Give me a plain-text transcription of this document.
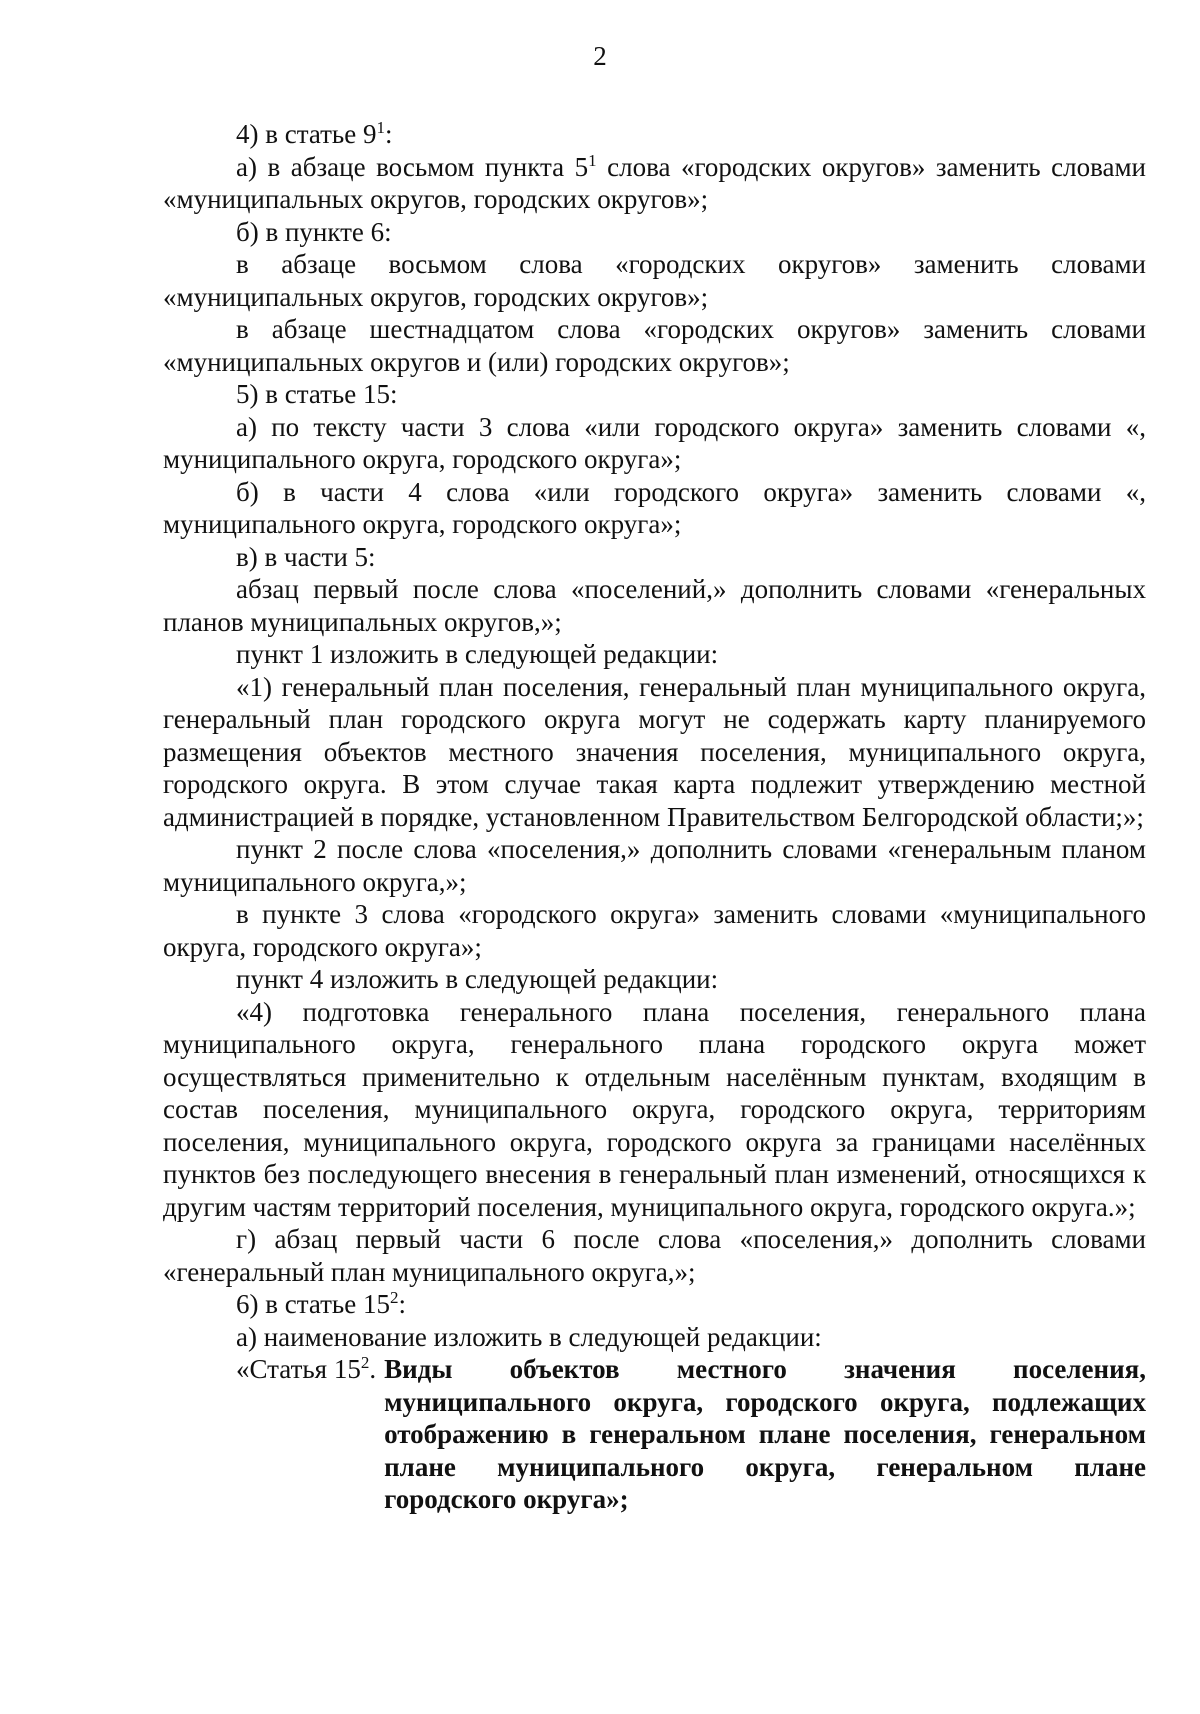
2

4) в статье $9^1$:

а) в абзаце восьмом пункта $5^1$ слова «городских округов» заменить словами «муниципальных округов, городских округов»;

б) в пункте 6:

в абзаце восьмом слова «городских округов» заменить словами «муниципальных округов, городских округов»;

в абзаце шестнадцатом слова «городских округов» заменить словами «муниципальных округов и (или) городских округов»;

5) в статье 15:

а) по тексту части 3 слова «или городского округа» заменить словами «, муниципального округа, городского округа»;

б) в части 4 слова «или городского округа» заменить словами «, муниципального округа, городского округа»;

в) в части 5:

абзац первый после слова «поселений,» дополнить словами «генеральных планов муниципальных округов,»;

пункт 1 изложить в следующей редакции:

«1) генеральный план поселения, генеральный план муниципального округа, генеральный план городского округа могут не содержать карту планируемого размещения объектов местного значения поселения, муниципального округа, городского округа. В этом случае такая карта подлежит утверждению местной администрацией в порядке, установленном Правительством Белгородской области;»;

пункт 2 после слова «поселения,» дополнить словами «генеральным планом муниципального округа,»;

в пункте 3 слова «городского округа» заменить словами «муниципального округа, городского округа»;

пункт 4 изложить в следующей редакции:

«4) подготовка генерального плана поселения, генерального плана муниципального округа, генерального плана городского округа может осуществляться применительно к отдельным населённым пунктам, входящим в состав поселения, муниципального округа, городского округа, территориям поселения, муниципального округа, городского округа за границами населённых пунктов без последующего внесения в генеральный план изменений, относящихся к другим частям территорий поселения, муниципального округа, городского округа.»;

г) абзац первый части 6 после слова «поселения,» дополнить словами «генеральный план муниципального округа,»;

6) в статье $15^2$:

а) наименование изложить в следующей редакции:

«Статья $15^2$. Виды объектов местного значения поселения, муниципального округа, городского округа, подлежащих отображению в генеральном плане поселения, генеральном плане муниципального округа, генеральном плане городского округа»;
